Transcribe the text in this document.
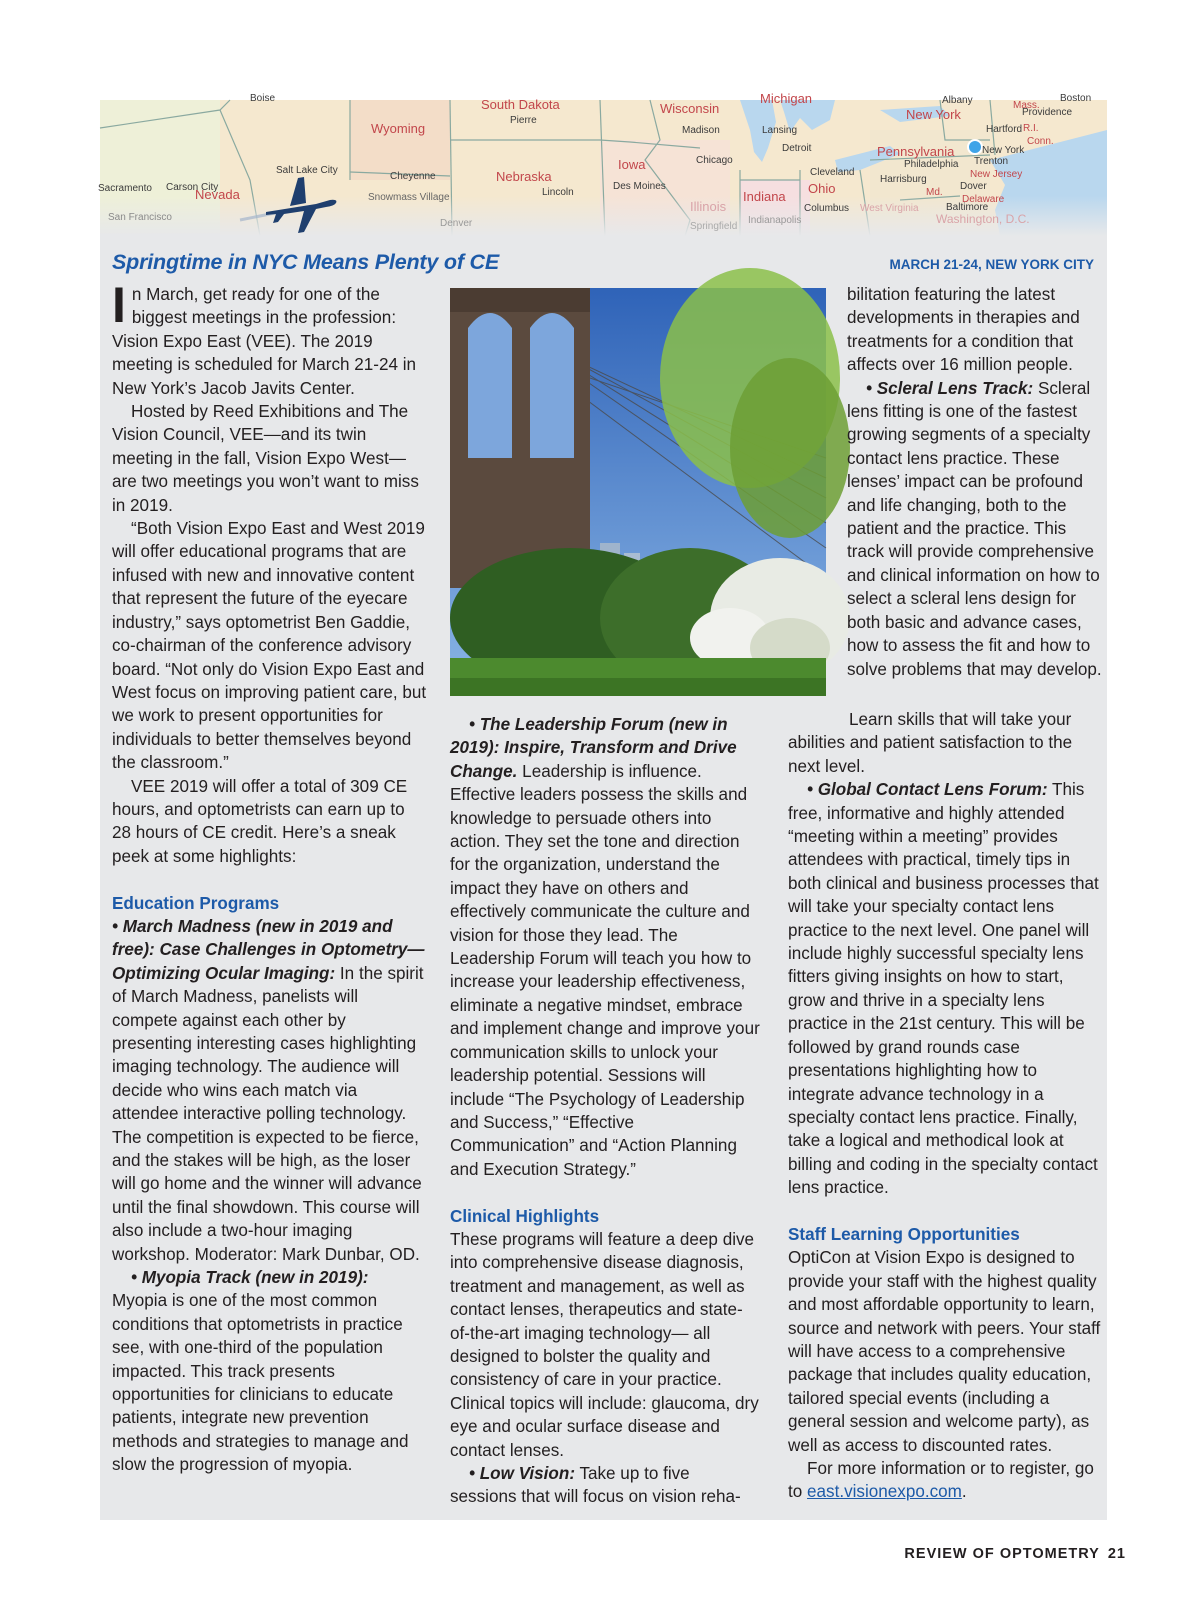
Wyoming
Nevada
South Dakota
Nebraska
Iowa
Wisconsin
Michigan
Illinois
Indiana
Ohio
Pennsylvania
New York
New Jersey
Mass.
R.I.
Conn.
Md.
Delaware
West Virginia
Washington, D.C.
Sacramento Carson City
San Francisco
Salt Lake City
Cheyenne
Snowmass Village
Denver
Pierre
Lincoln
Des Moines
Madison
Chicago
Springfield
Indianapolis
Lansing
Detroit
Cleveland
Columbus
Philadelphia
Harrisburg
Trenton
New York
Albany
Hartford
Providence
Dover
Baltimore
Boise	Boston
Springtime in NYC Means Plenty of CE	MARCH 21-24, NEW YORK CITY

In March, get ready for one of the biggest meetings in the profession: Vision Expo East (VEE). The 2019 meeting is scheduled for March 21-24 in New York’s Jacob Javits Center.

Hosted by Reed Exhibitions and The Vision Council, VEE—and its twin meeting in the fall, Vision Expo West—are two meetings you won’t want to miss in 2019.

“Both Vision Expo East and West 2019 will offer educational programs that are infused with new and innovative content that represent the future of the eyecare industry,” says optometrist Ben Gaddie, co-chairman of the conference advisory board. “Not only do Vision Expo East and West focus on improving patient care, but we work to present opportunities for individuals to better themselves beyond the classroom.”

VEE 2019 will offer a total of 309 CE hours, and optometrists can earn up to 28 hours of CE credit. Here’s a sneak peek at some highlights:

Education Programs

• March Madness (new in 2019 and free): Case Challenges in Optometry—Optimizing Ocular Imaging: In the spirit of March Madness, panelists will compete against each other by presenting interesting cases highlighting imaging technology. The audience will decide who wins each match via attendee interactive polling technology. The competition is expected to be fierce, and the stakes will be high, as the loser will go home and the winner will advance until the final showdown. This course will also include a two-hour imaging workshop. Moderator: Mark Dunbar, OD.

• Myopia Track (new in 2019): Myopia is one of the most common conditions that optometrists in practice see, with one-third of the population impacted. This track presents opportunities for clinicians to educate patients, integrate new prevention methods and strategies to manage and slow the progression of myopia.

• The Leadership Forum (new in 2019): Inspire, Transform and Drive Change. Leadership is influence. Effective leaders possess the skills and knowledge to persuade others into action. They set the tone and direction for the organization, understand the impact they have on others and effectively communicate the culture and vision for those they lead. The Leadership Forum will teach you how to increase your leadership effectiveness, eliminate a negative mindset, embrace and implement change and improve your communication skills to unlock your leadership potential. Sessions will include “The Psychology of Leadership and Success,” “Effective Communication” and “Action Planning and Execution Strategy.”

Clinical Highlights

These programs will feature a deep dive into comprehensive disease diagnosis, treatment and management, as well as contact lenses, therapeutics and state-of-the-art imaging technology— all designed to bolster the quality and consistency of care in your practice. Clinical topics will include: glaucoma, dry eye and ocular surface disease and contact lenses.

• Low Vision: Take up to five sessions that will focus on vision reha-

bilitation featuring the latest developments in therapies and treatments for a condition that affects over 16 million people.

• Scleral Lens Track: Scleral lens fitting is one of the fastest growing segments of a specialty contact lens practice. These lenses’ impact can be profound and life changing, both to the patient and the practice. This track will provide comprehensive and clinical information on how to select a scleral lens design for both basic and advance cases, how to assess the fit and how to solve problems that may develop.

Learn skills that will take your abilities and patient satisfaction to the next level.

• Global Contact Lens Forum: This free, informative and highly attended “meeting within a meeting” provides attendees with practical, timely tips in both clinical and business processes that will take your specialty contact lens practice to the next level. One panel will include highly successful specialty lens fitters giving insights on how to start, grow and thrive in a specialty lens practice in the 21st century. This will be followed by grand rounds case presentations highlighting how to integrate advance technology in a specialty contact lens practice. Finally, take a logical and methodical look at billing and coding in the specialty contact lens practice.

Staff Learning Opportunities

OptiCon at Vision Expo is designed to provide your staff with the highest quality and most affordable opportunity to learn, source and network with peers. Your staff will have access to a comprehensive package that includes quality education, tailored special events (including a general session and welcome party), as well as access to discounted rates.

For more information or to register, go to east.visionexpo.com.

REVIEW OF OPTOMETRY 21
